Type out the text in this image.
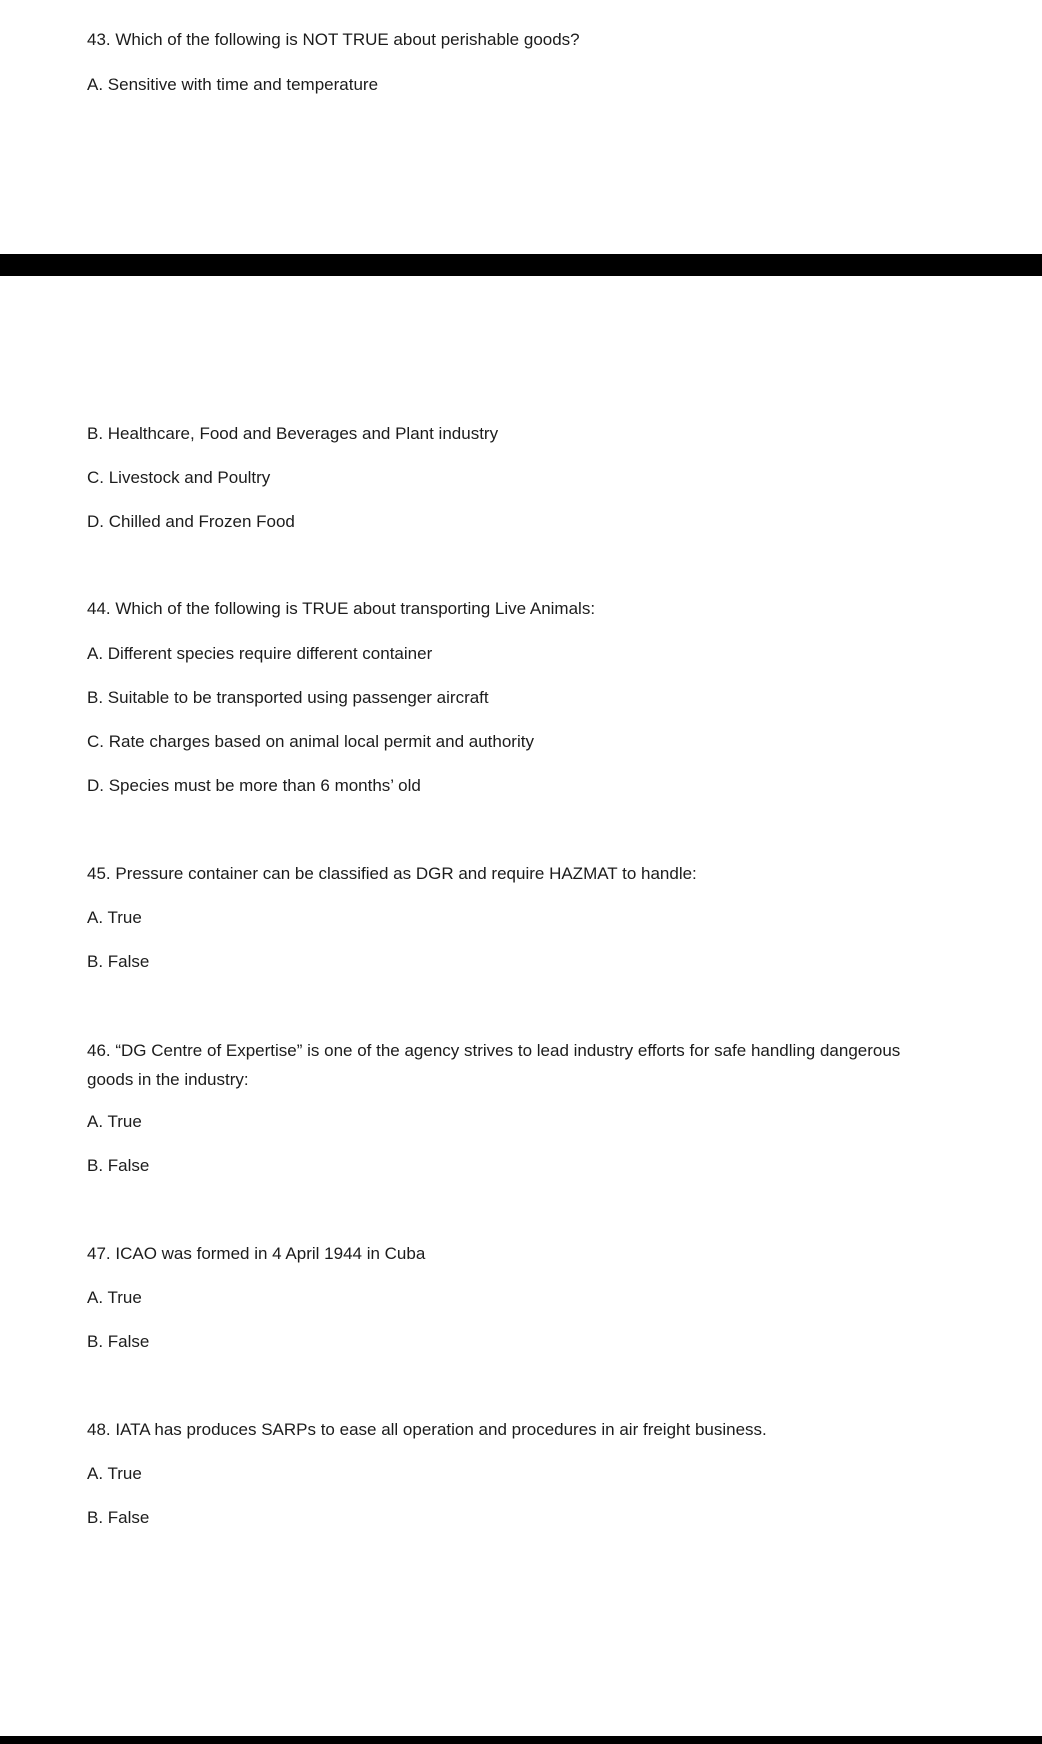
43. Which of the following is NOT TRUE about perishable goods?
A. Sensitive with time and temperature
B. Healthcare, Food and Beverages and Plant industry
C. Livestock and Poultry
D. Chilled and Frozen Food
44. Which of the following is TRUE about transporting Live Animals:
A. Different species require different container
B. Suitable to be transported using passenger aircraft
C. Rate charges based on animal local permit and authority
D. Species must be more than 6 months’ old
45. Pressure container can be classified as DGR and require HAZMAT to handle:
A. True
B. False
46. “DG Centre of Expertise” is one of the agency strives to lead industry efforts for safe handling dangerous goods in the industry:
A. True
B. False
47. ICAO was formed in 4 April 1944 in Cuba
A. True
B. False
48. IATA has produces SARPs to ease all operation and procedures in air freight business.
A. True
B. False
